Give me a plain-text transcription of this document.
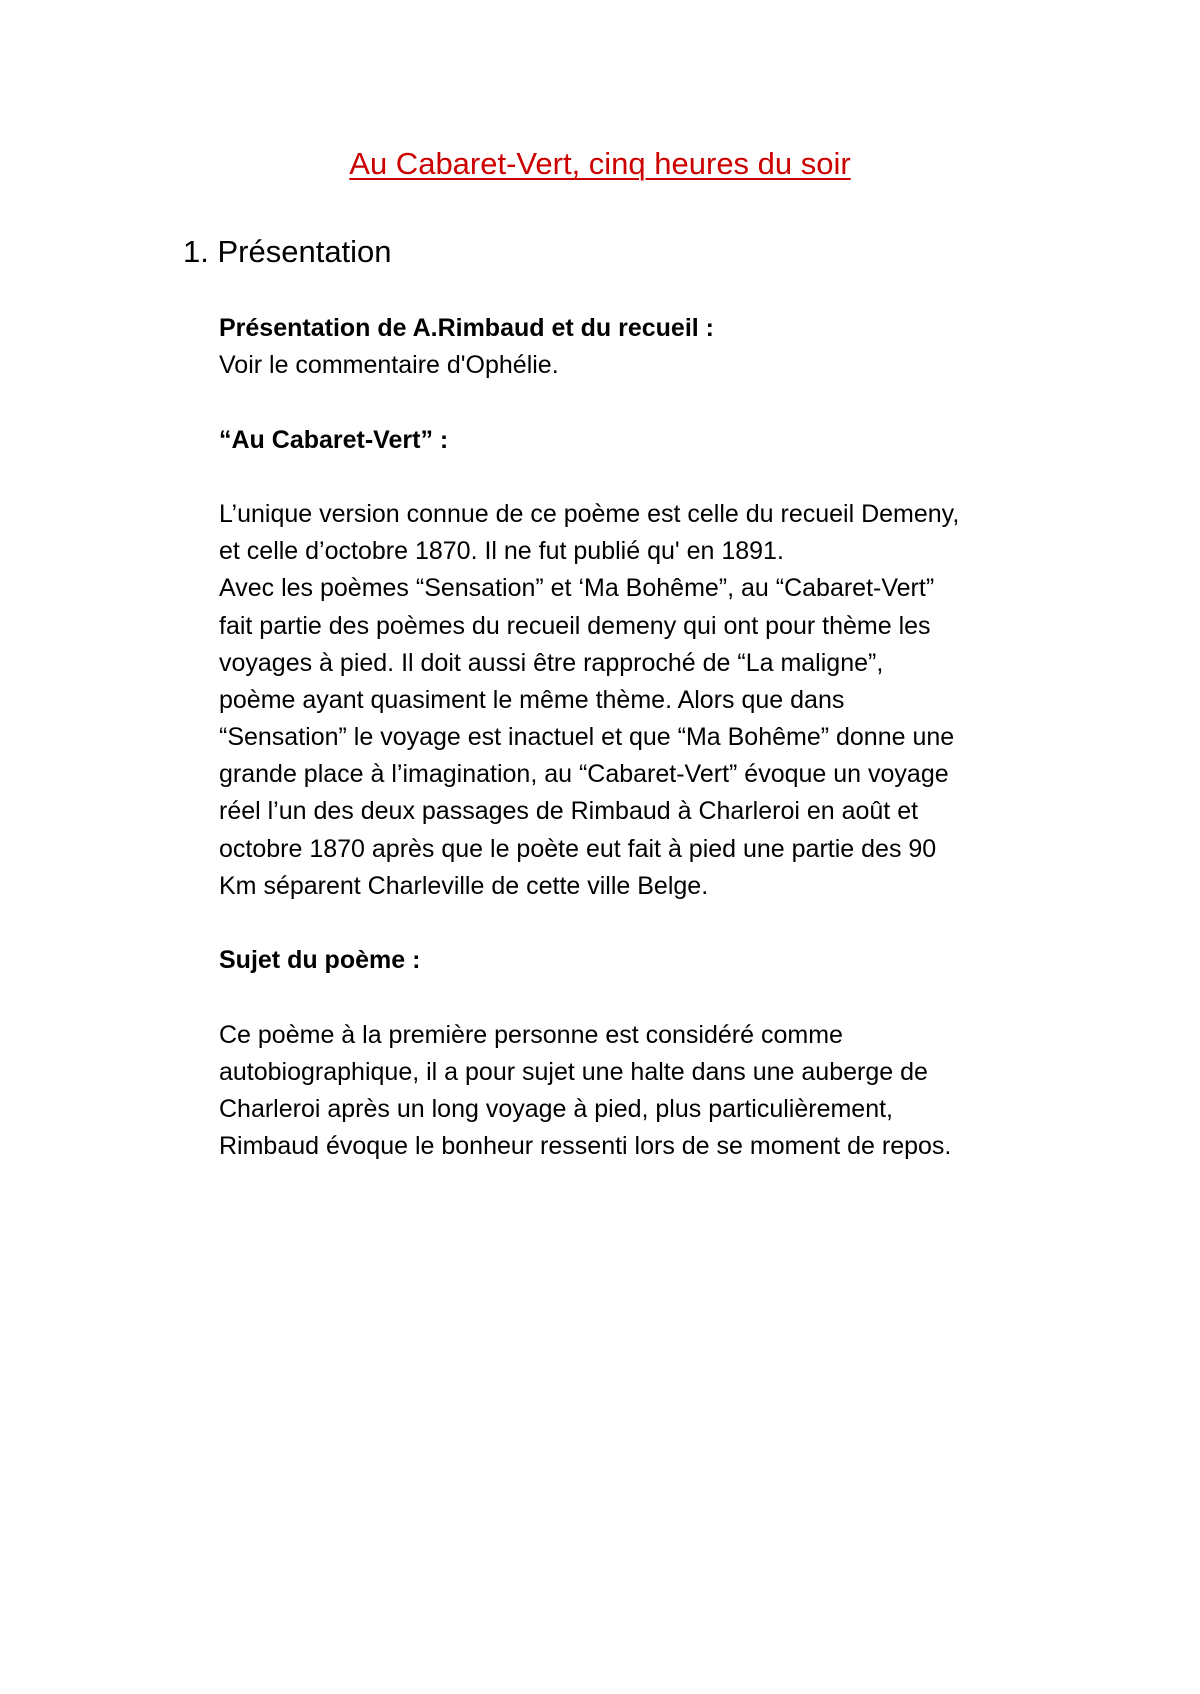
Au Cabaret-Vert, cinq heures du soir
1. Présentation
Présentation de A.Rimbaud et du recueil :
Voir le commentaire d'Ophélie.
“Au Cabaret-Vert” :
L’unique version connue de ce poème est celle du recueil Demeny,
et celle d’octobre 1870. Il ne fut publié qu' en 1891.
Avec les poèmes “Sensation” et ‘Ma Bohême”, au “Cabaret-Vert”
fait partie des poèmes du recueil demeny qui ont pour thème les
voyages à pied. Il doit aussi être rapproché de “La maligne”,
poème ayant quasiment le même thème. Alors que dans
“Sensation” le voyage est inactuel et que “Ma Bohême” donne une
grande place à l’imagination, au “Cabaret-Vert” évoque un voyage
réel l’un des deux passages de Rimbaud à Charleroi en août et
octobre 1870 après que le poète eut fait à pied une partie des 90
Km séparent Charleville de cette ville Belge.
Sujet du poème :
Ce poème à la première personne est considéré comme
autobiographique, il a pour sujet une halte dans une auberge de
Charleroi après un long voyage à pied, plus particulièrement,
Rimbaud évoque le bonheur ressenti lors de se moment de repos.
